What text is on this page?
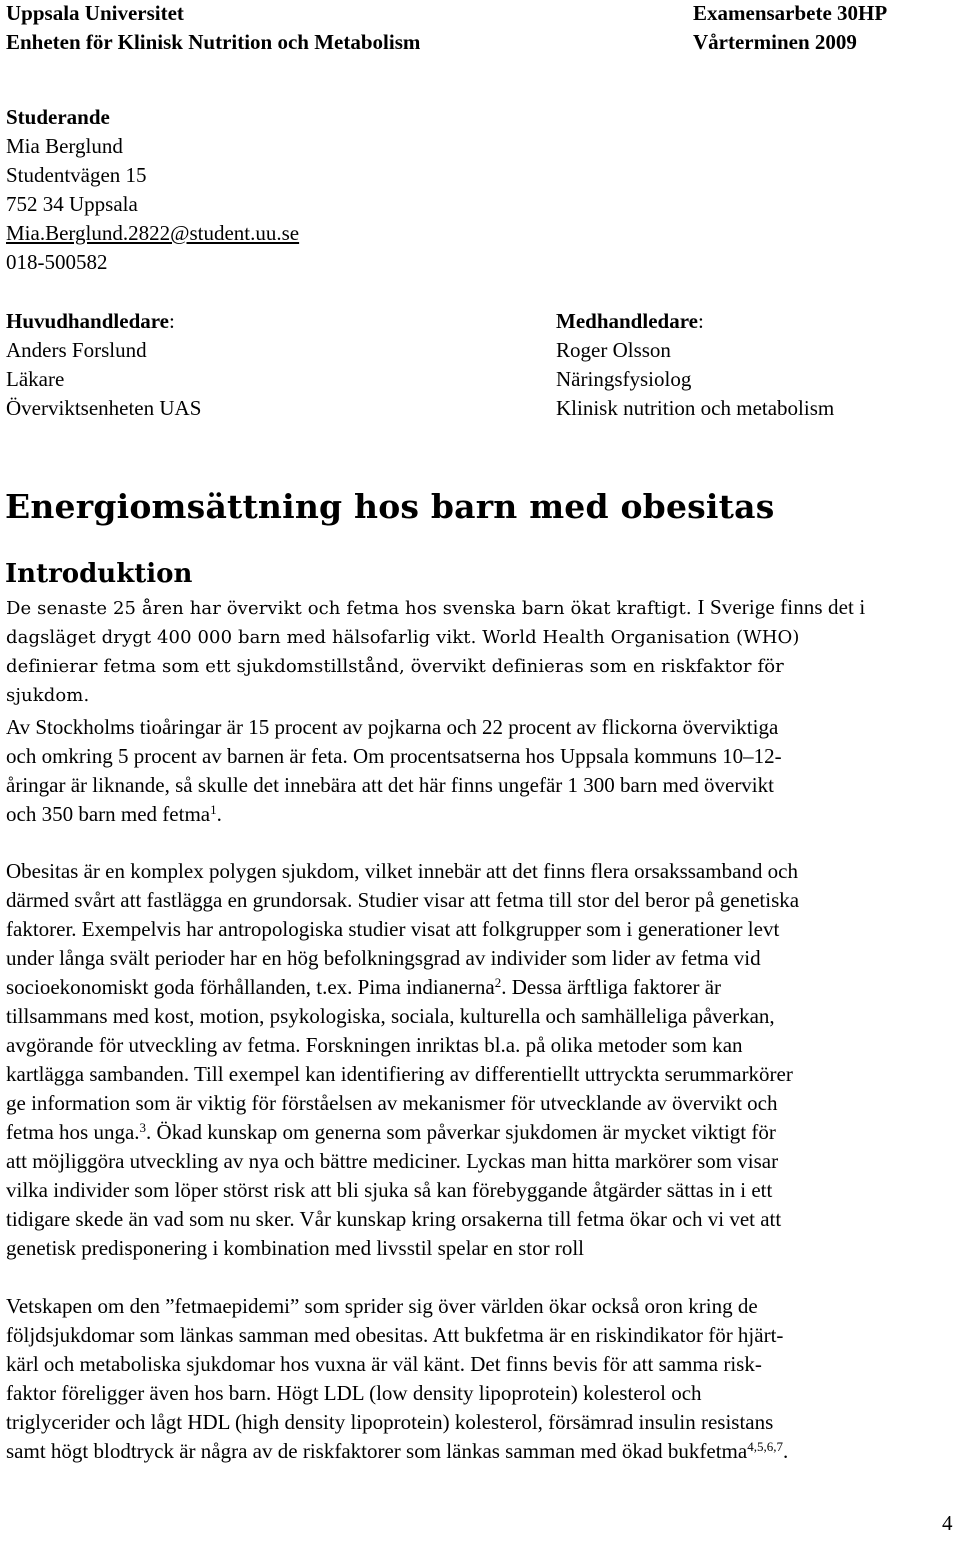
Uppsala Universitet
Enheten för Klinisk Nutrition och Metabolism
Examensarbete 30HP
Vårterminen 2009
Studerande
Mia Berglund
Studentvägen 15
752 34 Uppsala
Mia.Berglund.2822@student.uu.se
018-500582
Huvudhandledare:
Anders Forslund
Läkare
Överviktsenheten UAS
Medhandledare:
Roger Olsson
Näringsfysiolog
Klinisk nutrition och metabolism
Energiomsättning hos barn med obesitas
Introduktion

De senaste 25 åren har övervikt och fetma hos svenska barn ökat kraftigt. I Sverige finns det i
dagsläget drygt 400 000 barn med hälsofarlig vikt. World Health Organisation (WHO)
definierar fetma som ett sjukdomstillstånd, övervikt definieras som en riskfaktor för
sjukdom.

Av Stockholms tioåringar är 15 procent av pojkarna och 22 procent av flickorna överviktiga
och omkring 5 procent av barnen är feta. Om procentsatserna hos Uppsala kommuns 10–12-
åringar är liknande, så skulle det innebära att det här finns ungefär 1 300 barn med övervikt
och 350 barn med fetma$^1$.

Obesitas är en komplex polygen sjukdom, vilket innebär att det finns flera orsakssamband och
därmed svårt att fastlägga en grundorsak. Studier visar att fetma till stor del beror på genetiska
faktorer. Exempelvis har antropologiska studier visat att folkgrupper som i generationer levt
under långa svält perioder har en hög befolkningsgrad av individer som lider av fetma vid
socioekonomiskt goda förhållanden, t.ex. Pima indianerna$^2$. Dessa ärftliga faktorer är
tillsammans med kost, motion, psykologiska, sociala, kulturella och samhälleliga påverkan,
avgörande för utveckling av fetma. Forskningen inriktas bl.a. på olika metoder som kan
kartlägga sambanden. Till exempel kan identifiering av differentiellt uttryckta serummarkörer
ge information som är viktig för förståelsen av mekanismer för utvecklande av övervikt och
fetma hos unga.$^3$. Ökad kunskap om generna som påverkar sjukdomen är mycket viktigt för
att möjliggöra utveckling av nya och bättre mediciner. Lyckas man hitta markörer som visar
vilka individer som löper störst risk att bli sjuka så kan förebyggande åtgärder sättas in i ett
tidigare skede än vad som nu sker. Vår kunskap kring orsakerna till fetma ökar och vi vet att
genetisk predisponering i kombination med livsstil spelar en stor roll

Vetskapen om den ”fetmaepidemi” som sprider sig över världen ökar också oron kring de
följdsjukdomar som länkas samman med obesitas. Att bukfetma är en riskindikator för hjärt-
kärl och metaboliska sjukdomar hos vuxna är väl känt. Det finns bevis för att samma risk-
faktor föreligger även hos barn. Högt LDL (low density lipoprotein) kolesterol och
triglycerider och lågt HDL (high density lipoprotein) kolesterol, försämrad insulin resistans
samt högt blodtryck är några av de riskfaktorer som länkas samman med ökad bukfetma$^{4,5,6,7}$.

4
